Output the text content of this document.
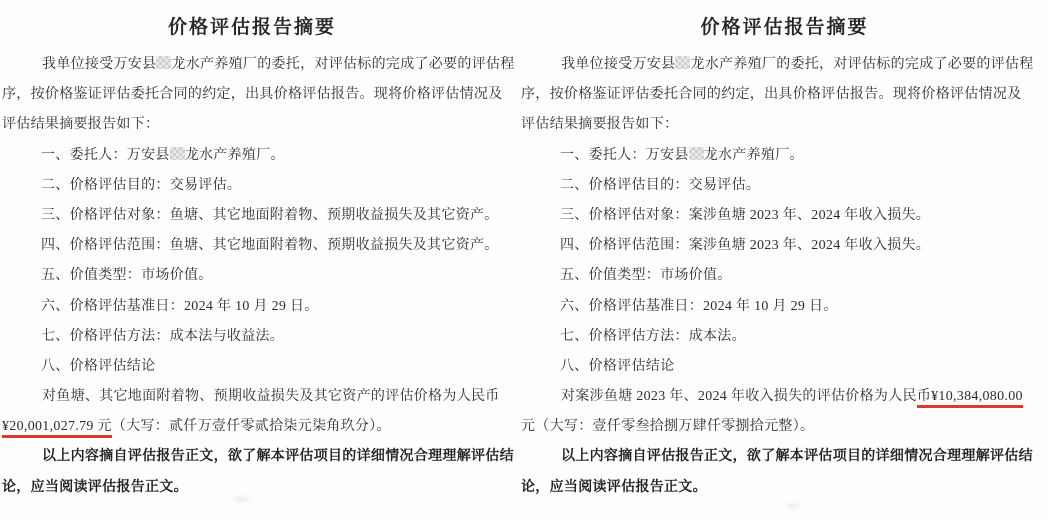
价格评估报告摘要
我单位接受万安县 龙水产养殖厂的委托，对评估标的完成了必要的评估程
序，按价格鉴证评估委托合同的约定，出具价格评估报告。现将价格评估情况及
评估结果摘要报告如下：
一、委托人：万安县 龙水产养殖厂。
二、价格评估目的：交易评估。
三、价格评估对象：鱼塘、其它地面附着物、预期收益损失及其它资产。
四、价格评估范围：鱼塘、其它地面附着物、预期收益损失及其它资产。
五、价值类型：市场价值。
六、价格评估基准日：2024 年 10 月 29 日。
七、价格评估方法：成本法与收益法。
八、价格评估结论
对鱼塘、其它地面附着物、预期收益损失及其它资产的评估价格为人民币
¥20,001,027.79 元（大写：贰仟万壹仟零贰拾柒元柒角玖分）。
以上内容摘自评估报告正文，欲了解本评估项目的详细情况合理理解评估结
论，应当阅读评估报告正文。
价格评估报告摘要
我单位接受万安县 龙水产养殖厂的委托，对评估标的完成了必要的评估程
序，按价格鉴证评估委托合同的约定，出具价格评估报告。现将价格评估情况及
评估结果摘要报告如下：
一、委托人：万安县 龙水产养殖厂。
二、价格评估目的：交易评估。
三、价格评估对象：案涉鱼塘 2023 年、2024 年收入损失。
四、价格评估范围：案涉鱼塘 2023 年、2024 年收入损失。
五、价值类型：市场价值。
六、价格评估基准日：2024 年 10 月 29 日。
七、价格评估方法：成本法。
八、价格评估结论
对案涉鱼塘 2023 年、2024 年收入损失的评估价格为人民币¥10,384,080.00
元（大写：壹仟零叁拾捌万肆仟零捌拾元整）。
以上内容摘自评估报告正文，欲了解本评估项目的详细情况合理理解评估结
论，应当阅读评估报告正文。
